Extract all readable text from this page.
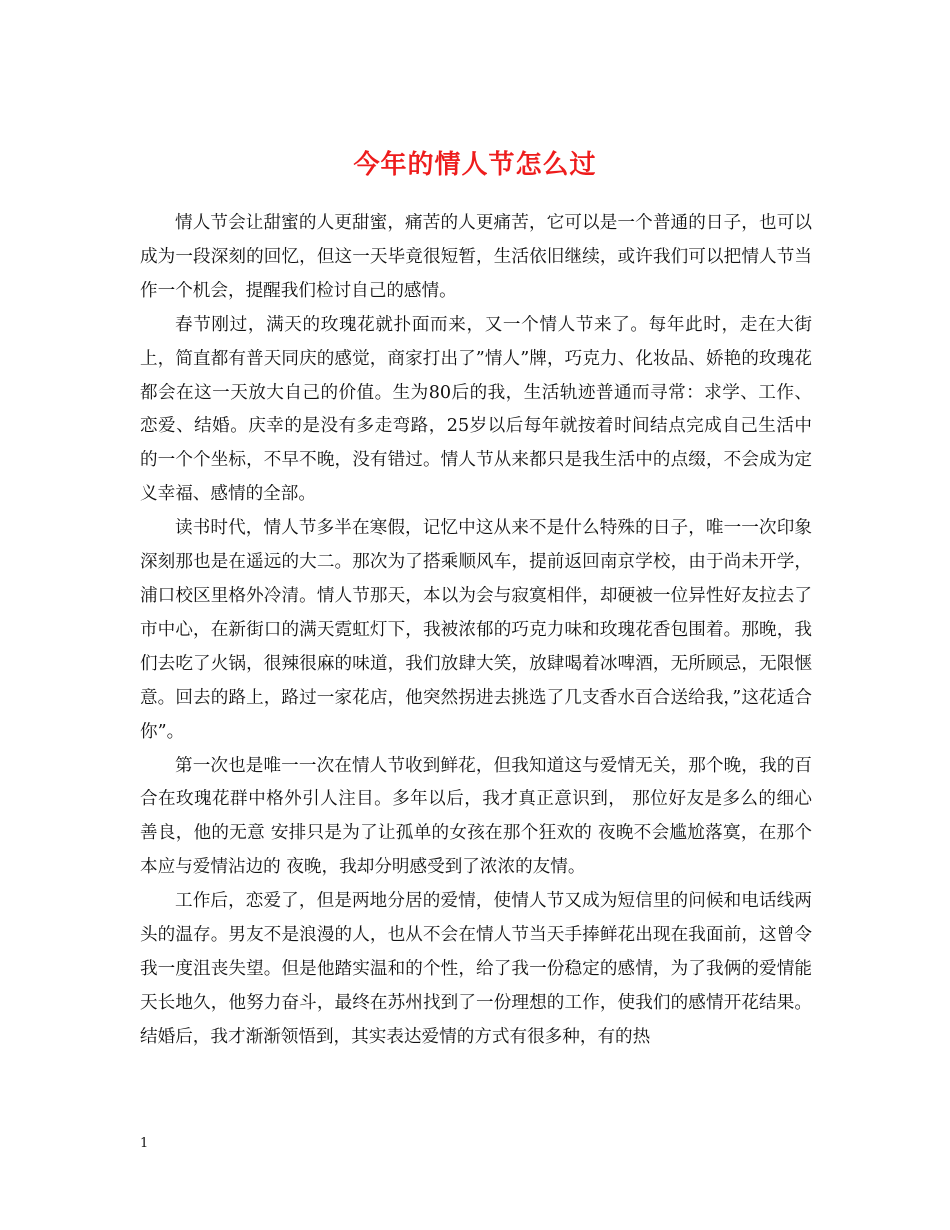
今年的情人节怎么过

情人节会让甜蜜的人更甜蜜，痛苦的人更痛苦，它可以是一个普通的日子，也可以成为一段深刻的回忆，但这一天毕竟很短暂，生活依旧继续，或许我们可以把情人节当作一个机会，提醒我们检讨自己的感情。

春节刚过，满天的玫瑰花就扑面而来，又一个情人节来了。每年此时，走在大街上，简直都有普天同庆的感觉，商家打出了”情人”牌，巧克力、化妆品、娇艳的玫瑰花都会在这一天放大自己的价值。生为80后的我，生活轨迹普通而寻常：求学、工作、恋爱、结婚。庆幸的是没有多走弯路，25岁以后每年就按着时间结点完成自己生活中的一个个坐标，不早不晚，没有错过。情人节从来都只是我生活中的点缀，不会成为定义幸福、感情的全部。

读书时代，情人节多半在寒假，记忆中这从来不是什么特殊的日子，唯一一次印象深刻那也是在遥远的大二。那次为了搭乘顺风车，提前返回南京学校，由于尚未开学，浦口校区里格外冷清。情人节那天，本以为会与寂寞相伴，却硬被一位异性好友拉去了市中心，在新街口的满天霓虹灯下，我被浓郁的巧克力味和玫瑰花香包围着。那晚，我们去吃了火锅，很辣很麻的味道，我们放肆大笑，放肆喝着冰啤酒，无所顾忌，无限惬意。回去的路上，路过一家花店，他突然拐进去挑选了几支香水百合送给我，”这花适合你”。

第一次也是唯一一次在情人节收到鲜花，但我知道这与爱情无关，那个晚，我的百合在玫瑰花群中格外引人注目。多年以后，我才真正意识到， 那位好友是多么的细心善良，他的无意 安排只是为了让孤单的女孩在那个狂欢的 夜晚不会尴尬落寞，在那个本应与爱情沾边的 夜晚，我却分明感受到了浓浓的友情。

工作后，恋爱了，但是两地分居的爱情，使情人节又成为短信里的问候和电话线两头的温存。男友不是浪漫的人，也从不会在情人节当天手捧鲜花出现在我面前，这曾令我一度沮丧失望。但是他踏实温和的个性，给了我一份稳定的感情，为了我俩的爱情能天长地久，他努力奋斗，最终在苏州找到了一份理想的工作，使我们的感情开花结果。结婚后，我才渐渐领悟到，其实表达爱情的方式有很多种，有的热

1
